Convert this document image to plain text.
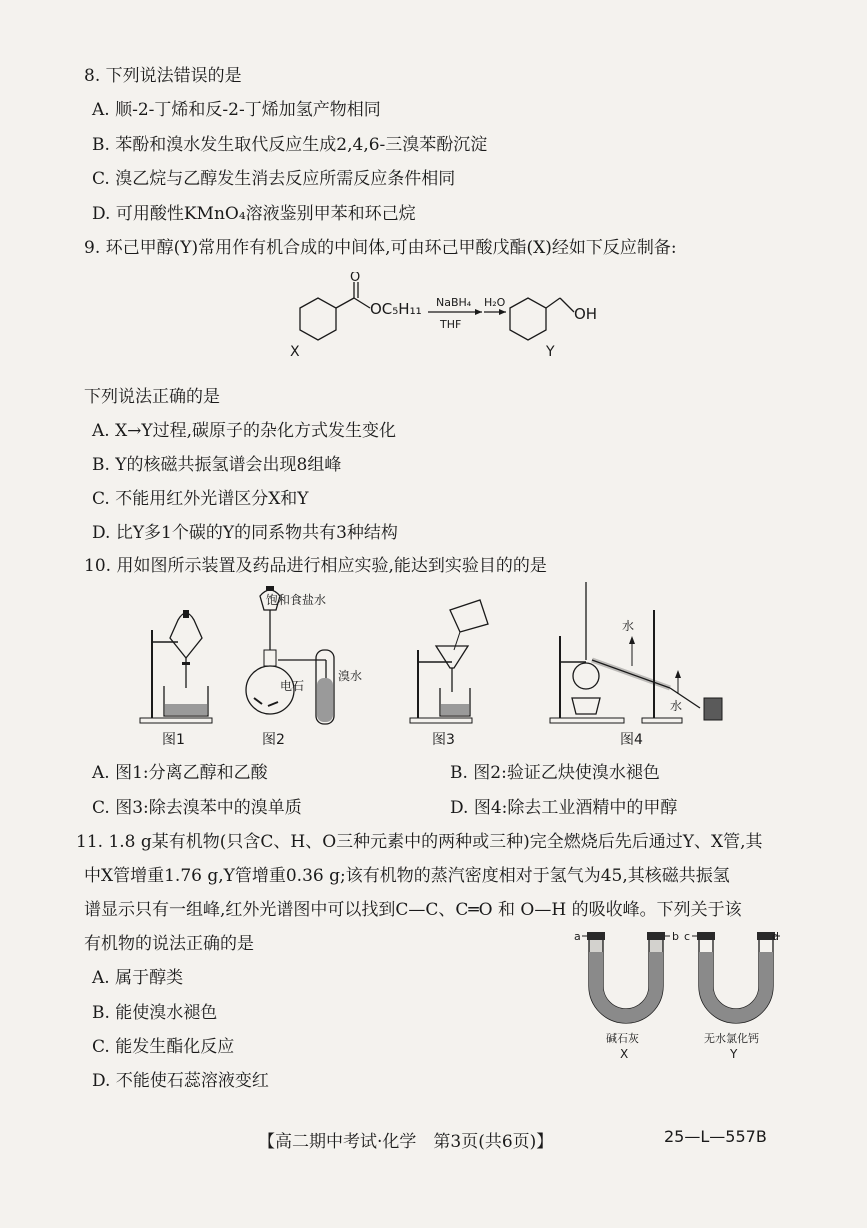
8. 下列说法错误的是
A. 顺-2-丁烯和反-2-丁烯加氢产物相同
B. 苯酚和溴水发生取代反应生成2,4,6-三溴苯酚沉淀
C. 溴乙烷与乙醇发生消去反应所需反应条件相同
D. 可用酸性KMnO₄溶液鉴别甲苯和环己烷
9. 环己甲醇(Y)常用作有机合成的中间体,可由环己甲酸戊酯(X)经如下反应制备:
O
OC₅H₁₁
X
NaBH₄
THF
H₂O
Y
OH
下列说法正确的是
A. X→Y过程,碳原子的杂化方式发生变化
B. Y的核磁共振氢谱会出现8组峰
C. 不能用红外光谱区分X和Y
D. 比Y多1个碳的Y的同系物共有3种结构
10. 用如图所示装置及药品进行相应实验,能达到实验目的的是
图1
饱和食盐水
电石
溴水
图2	图3
水
水
图4
A. 图1:分离乙醇和乙酸	B. 图2:验证乙炔使溴水褪色
C. 图3:除去溴苯中的溴单质	D. 图4:除去工业酒精中的甲醇
11. 1.8 g某有机物(只含C、H、O三种元素中的两种或三种)完全燃烧后先后通过Y、X管,其
中X管增重1.76 g,Y管增重0.36 g;该有机物的蒸汽密度相对于氢气为45,其核磁共振氢
谱显示只有一组峰,红外光谱图中可以找到C—C、C═O 和 O—H 的吸收峰。下列关于该
有机物的说法正确的是
A. 属于醇类
B. 能使溴水褪色
C. 能发生酯化反应
D. 不能使石蕊溶液变红
a	b
碱石灰
X
c	d
无水氯化钙
Y
【高二期中考试·化学　第3页(共6页)】	25—L—557B
